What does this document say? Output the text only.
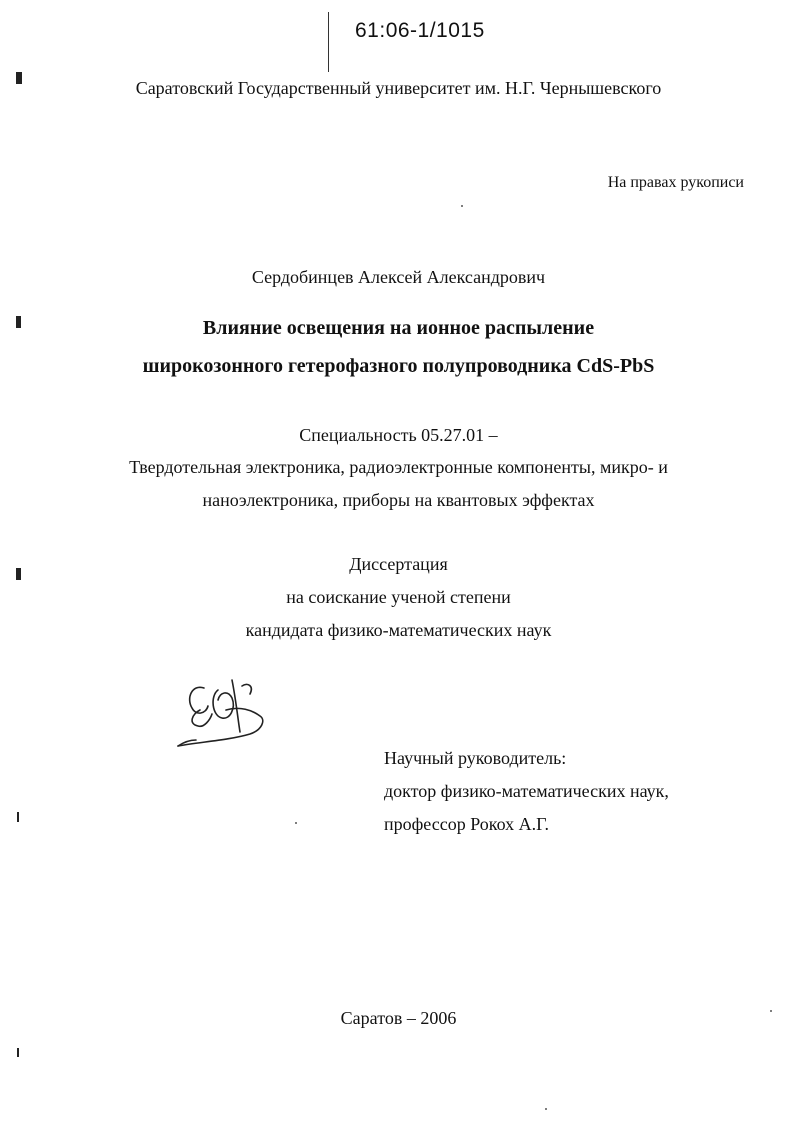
61:06-1/1015
Саратовский Государственный университет им. Н.Г. Чернышевского
На правах рукописи
Сердобинцев Алексей Александрович
Влияние освещения на ионное распыление
широкозонного гетерофазного полупроводника CdS-PbS
Специальность 05.27.01 –
Твердотельная электроника, радиоэлектронные компоненты, микро- и
наноэлектроника, приборы на квантовых эффектах
Диссертация
на соискание ученой степени
кандидата физико-математических наук
Научный руководитель:
доктор физико-математических наук,
профессор Рокох А.Г.
Саратов – 2006
